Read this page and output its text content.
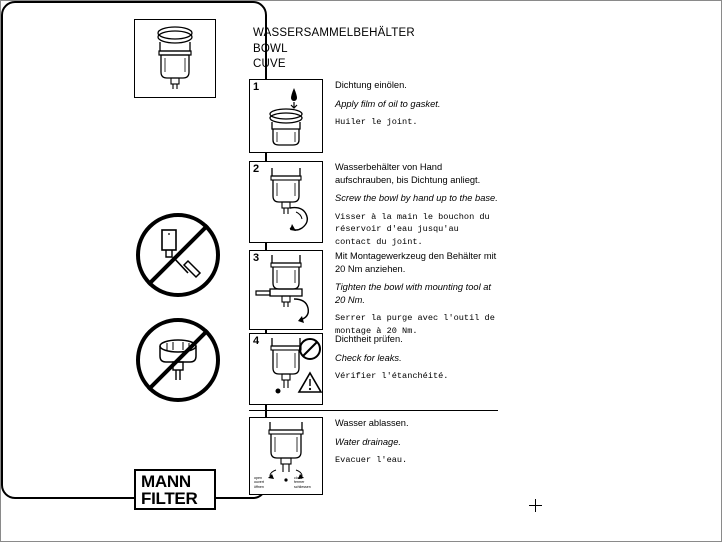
MANN
FILTER
WASSERSAMMELBEHÄLTER
BOWL
CUVE
1	Dichtung einölen.

Apply film of oil to gasket.

Huiler le joint.

2	Wasserbehälter von Hand aufschrauben, bis Dichtung anliegt.

Screw the bowl by hand up to the base.

Visser à la main le bouchon du réservoir d'eau jusqu'au contact du joint.

3	Mit Montagewerkzeug den Behälter mit 20 Nm anziehen.

Tighten the bowl with mounting tool at 20 Nm.

Serrer la purge avec l'outil de montage à 20 Nm.

4	Dichtheit prüfen.

Check for leaks.

Vérifier l'étanchéité.

open
ouvert
öffnen
close
fermer
schliessen

Wasser ablassen.

Water drainage.

Evacuer l'eau.
